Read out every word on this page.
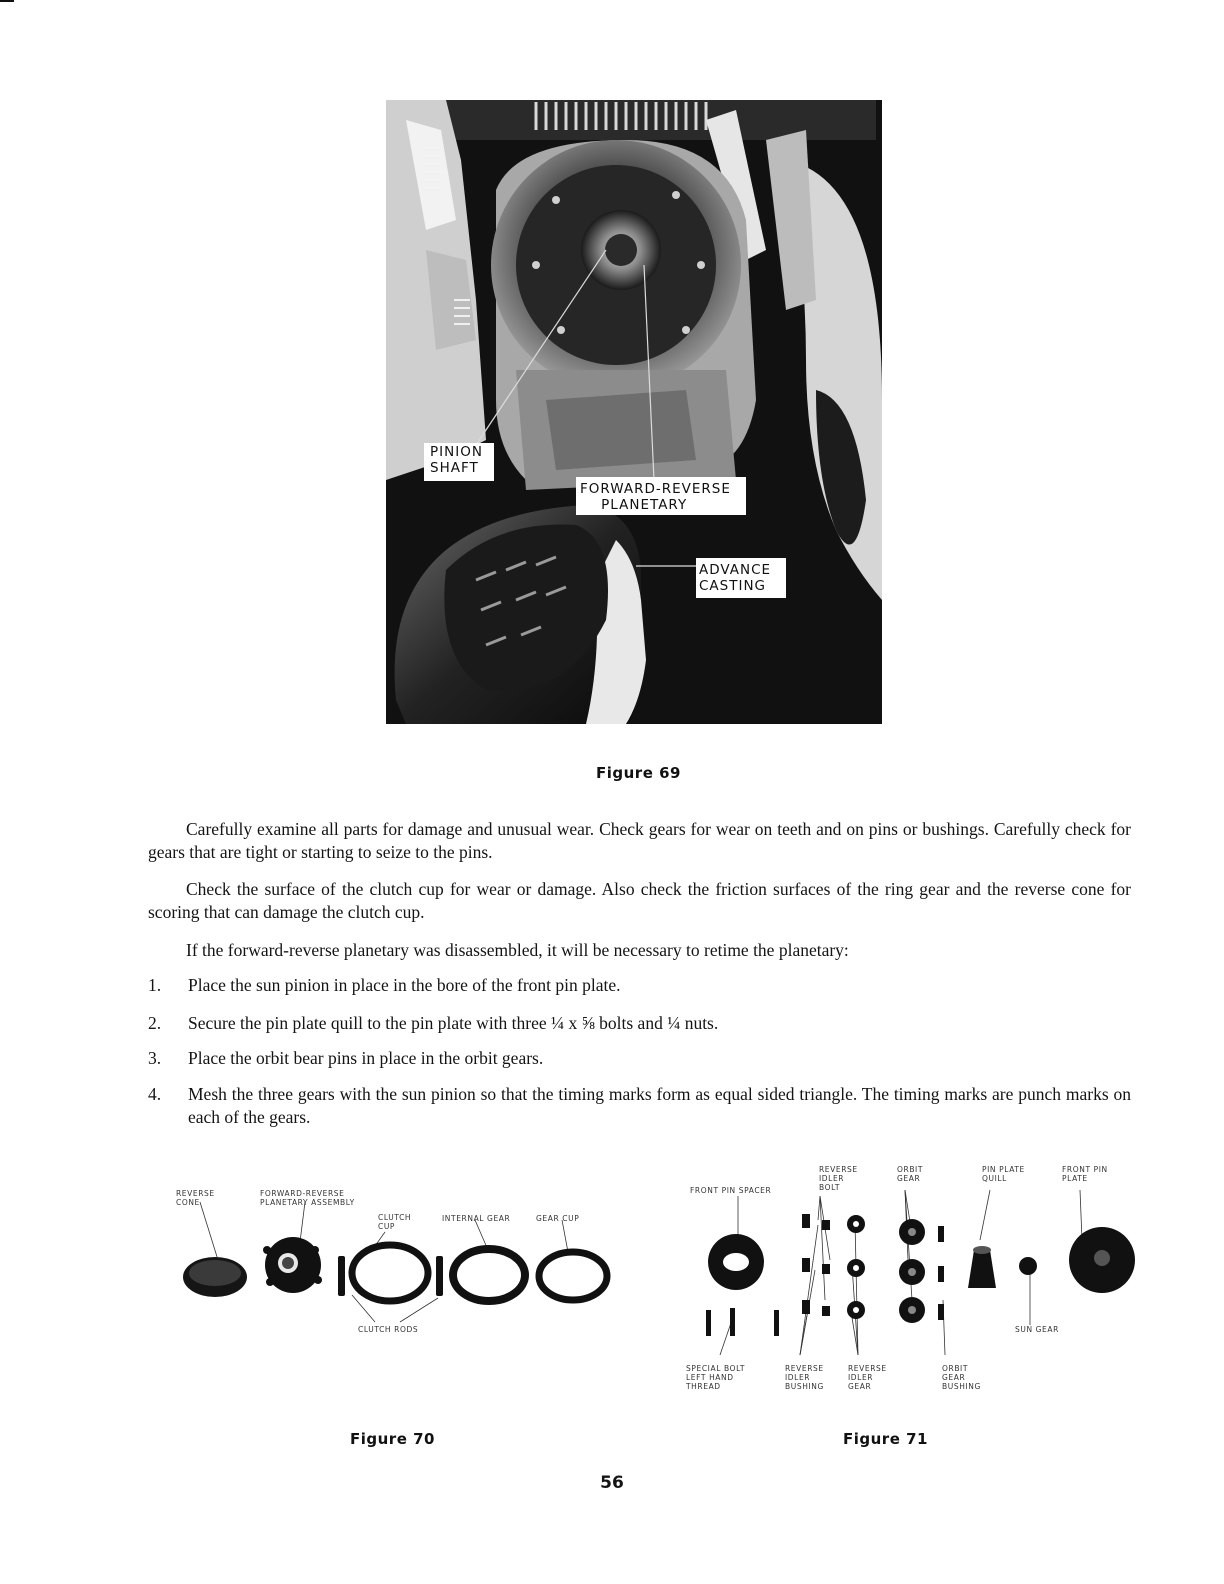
PINION
SHAFT
FORWARD-REVERSE
PLANETARY
ADVANCE
CASTING
Figure 69

Carefully examine all parts for damage and unusual wear. Check gears for wear on teeth and on pins or bushings. Carefully check for gears that are tight or starting to seize to the pins.

Check the surface of the clutch cup for wear or damage. Also check the friction surfaces of the ring gear and the reverse cone for scoring that can damage the clutch cup.

If the forward-reverse planetary was disassembled, it will be necessary to retime the planetary:

1. Place the sun pinion in place in the bore of the front pin plate.
2. Secure the pin plate quill to the pin plate with three ¼ x ⅝ bolts and ¼ nuts.
3. Place the orbit bear pins in place in the orbit gears.
4. Mesh the three gears with the sun pinion so that the timing marks form as equal sided triangle. The timing marks are punch marks on each of the gears.
REVERSE
CONE
FORWARD-REVERSE
PLANETARY ASSEMBLY
CLUTCH
CUP
INTERNAL GEAR	GEAR CUP
CLUTCH RODS
Figure 70
FRONT PIN SPACER
REVERSE
IDLER
BOLT
ORBIT
GEAR
PIN PLATE
QUILL
FRONT PIN
PLATE
SUN GEAR
SPECIAL BOLT
LEFT HAND
THREAD
REVERSE
IDLER
BUSHING
REVERSE
IDLER
GEAR
ORBIT
GEAR
BUSHING
Figure 71
56
